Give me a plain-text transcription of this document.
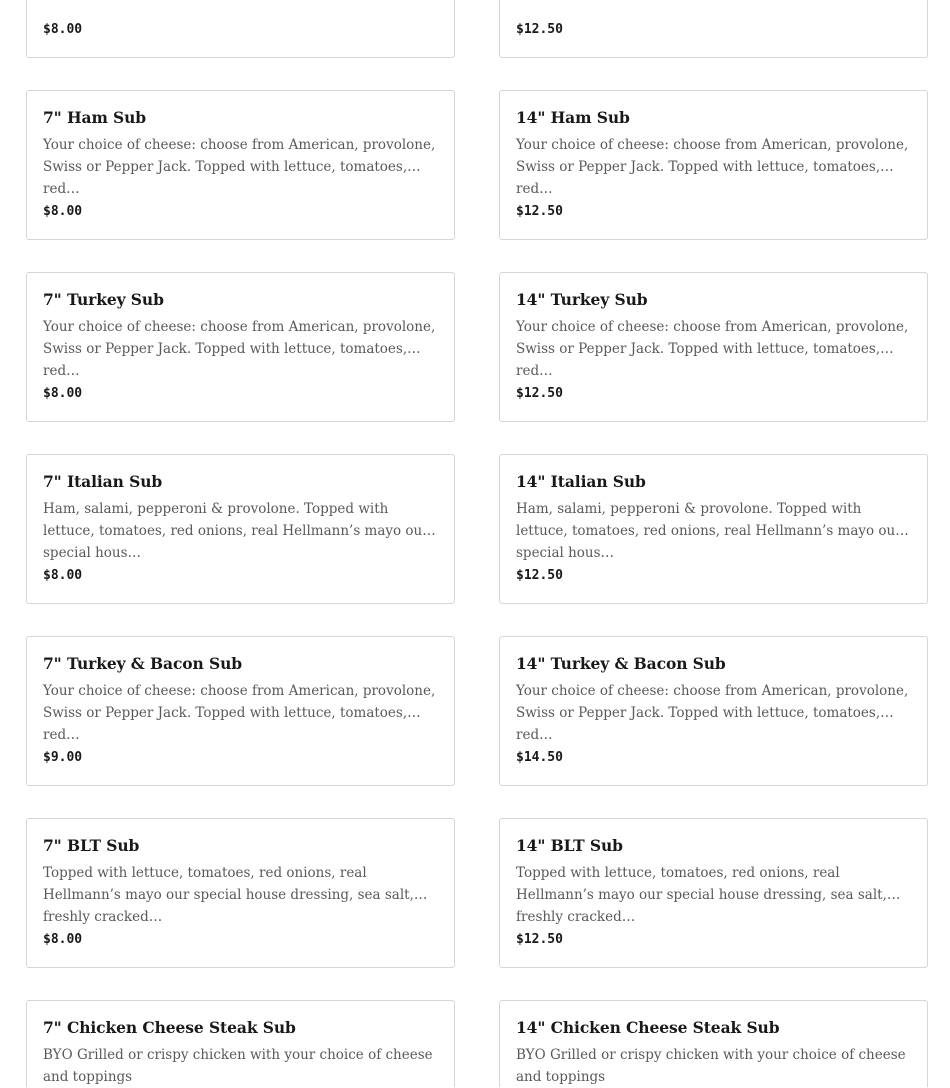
$8.00	$12.50
7" Ham Sub
Your choice of cheese: choose from American, provolone, Swiss or Pepper Jack. Topped with lettuce, tomatoes, red…
$8.00
14" Ham Sub
Your choice of cheese: choose from American, provolone, Swiss or Pepper Jack. Topped with lettuce, tomatoes, red…
$12.50
7" Turkey Sub
Your choice of cheese: choose from American, provolone, Swiss or Pepper Jack. Topped with lettuce, tomatoes, red…
$8.00
14" Turkey Sub
Your choice of cheese: choose from American, provolone, Swiss or Pepper Jack. Topped with lettuce, tomatoes, red…
$12.50
7" Italian Sub
Ham, salami, pepperoni & provolone. Topped with lettuce, tomatoes, red onions, real Hellmann’s mayo our special hous…
$8.00
14" Italian Sub
Ham, salami, pepperoni & provolone. Topped with lettuce, tomatoes, red onions, real Hellmann’s mayo our special hous…
$12.50
7" Turkey & Bacon Sub
Your choice of cheese: choose from American, provolone, Swiss or Pepper Jack. Topped with lettuce, tomatoes, red…
$9.00
14" Turkey & Bacon Sub
Your choice of cheese: choose from American, provolone, Swiss or Pepper Jack. Topped with lettuce, tomatoes, red…
$14.50
7" BLT Sub
Topped with lettuce, tomatoes, red onions, real Hellmann’s mayo our special house dressing, sea salt, freshly cracked…
$8.00
14" BLT Sub
Topped with lettuce, tomatoes, red onions, real Hellmann’s mayo our special house dressing, sea salt, freshly cracked…
$12.50
7" Chicken Cheese Steak Sub
BYO Grilled or crispy chicken with your choice of cheese and toppings
14" Chicken Cheese Steak Sub
BYO Grilled or crispy chicken with your choice of cheese and toppings
